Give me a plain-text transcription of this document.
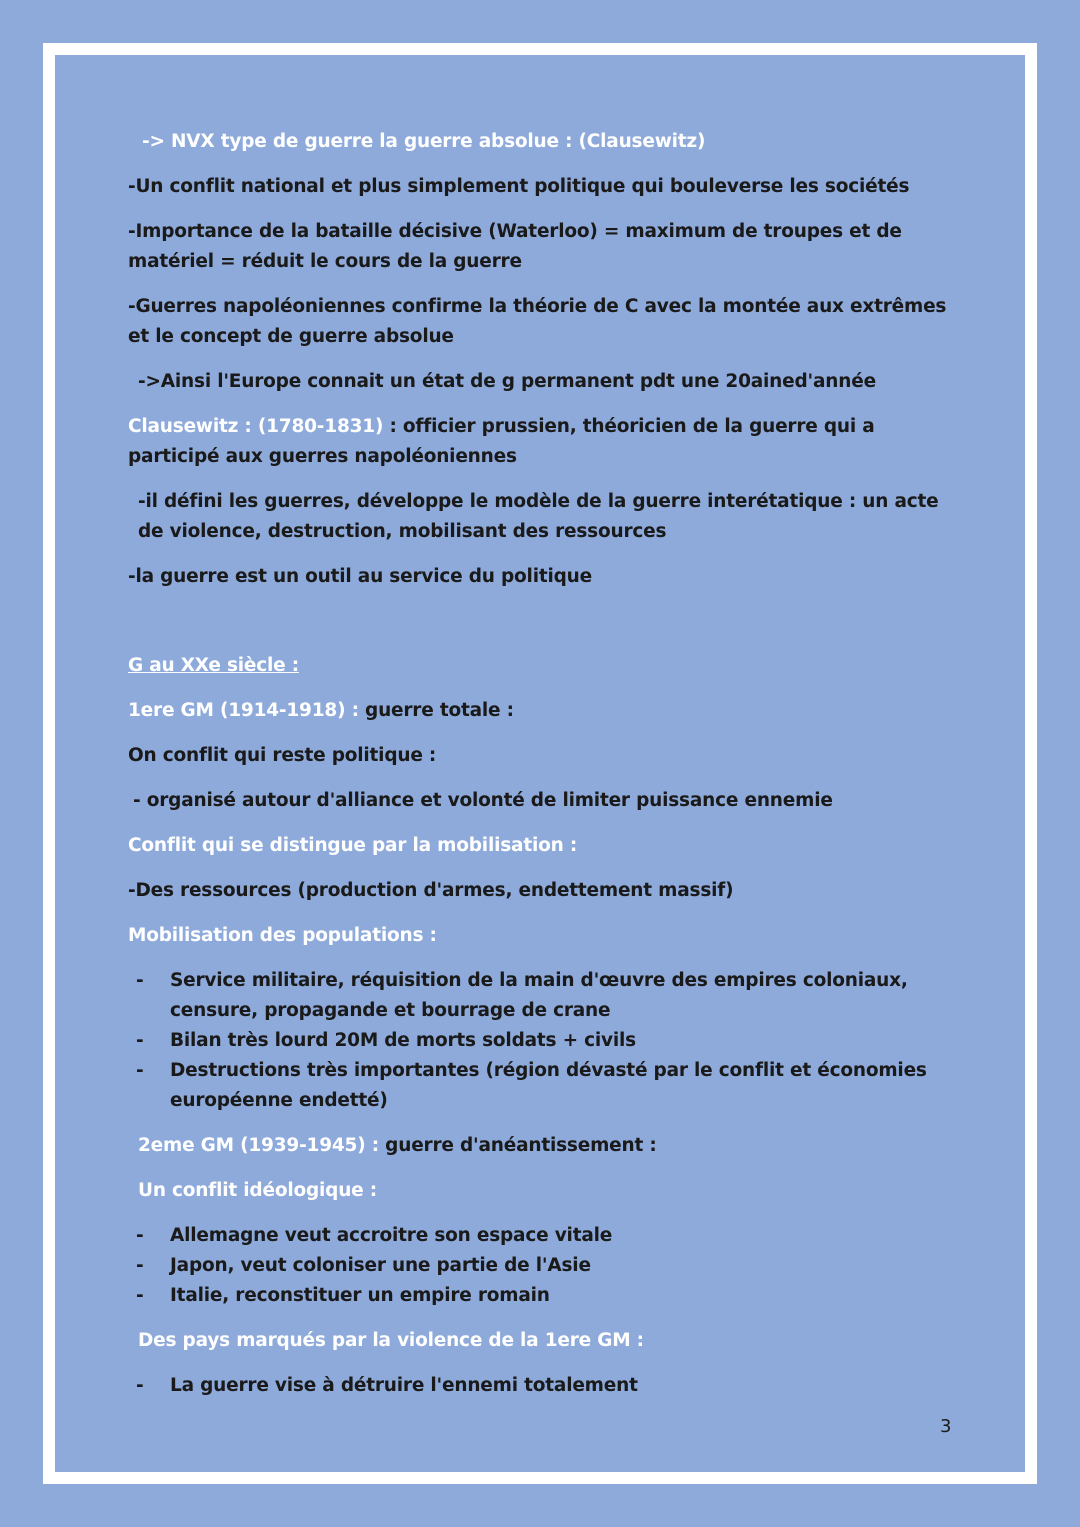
-> NVX type de guerre la guerre absolue : (Clausewitz)

-Un conflit national et plus simplement politique qui bouleverse les sociétés

-Importance de la bataille décisive (Waterloo) = maximum de troupes et de matériel = réduit le cours de la guerre

-Guerres napoléoniennes confirme la théorie de C avec la montée aux extrêmes et le concept de guerre absolue

->Ainsi l'Europe connait un état de g permanent pdt une 20ained'année

Clausewitz : (1780-1831) : officier prussien, théoricien de la guerre qui a participé aux guerres napoléoniennes

-il défini les guerres, développe le modèle de la guerre interétatique : un acte de violence, destruction, mobilisant des ressources

-la guerre est un outil au service du politique

G au XXe siècle :

1ere GM (1914-1918) : guerre totale :

On conflit qui reste politique :

- organisé autour d'alliance et volonté de limiter puissance ennemie

Conflit qui se distingue par la mobilisation :

-Des ressources (production d'armes, endettement massif)

Mobilisation des populations :

- Service militaire, réquisition de la main d'œuvre des empires coloniaux, censure, propagande et bourrage de crane
- Bilan très lourd 20M de morts soldats + civils
- Destructions très importantes (région dévasté par le conflit et économies européenne endetté)

2eme GM (1939-1945) : guerre d'anéantissement :

Un conflit idéologique :

- Allemagne veut accroitre son espace vitale
- Japon, veut coloniser une partie de l'Asie
- Italie, reconstituer un empire romain

Des pays marqués par la violence de la 1ere GM :

- La guerre vise à détruire l'ennemi totalement
3
